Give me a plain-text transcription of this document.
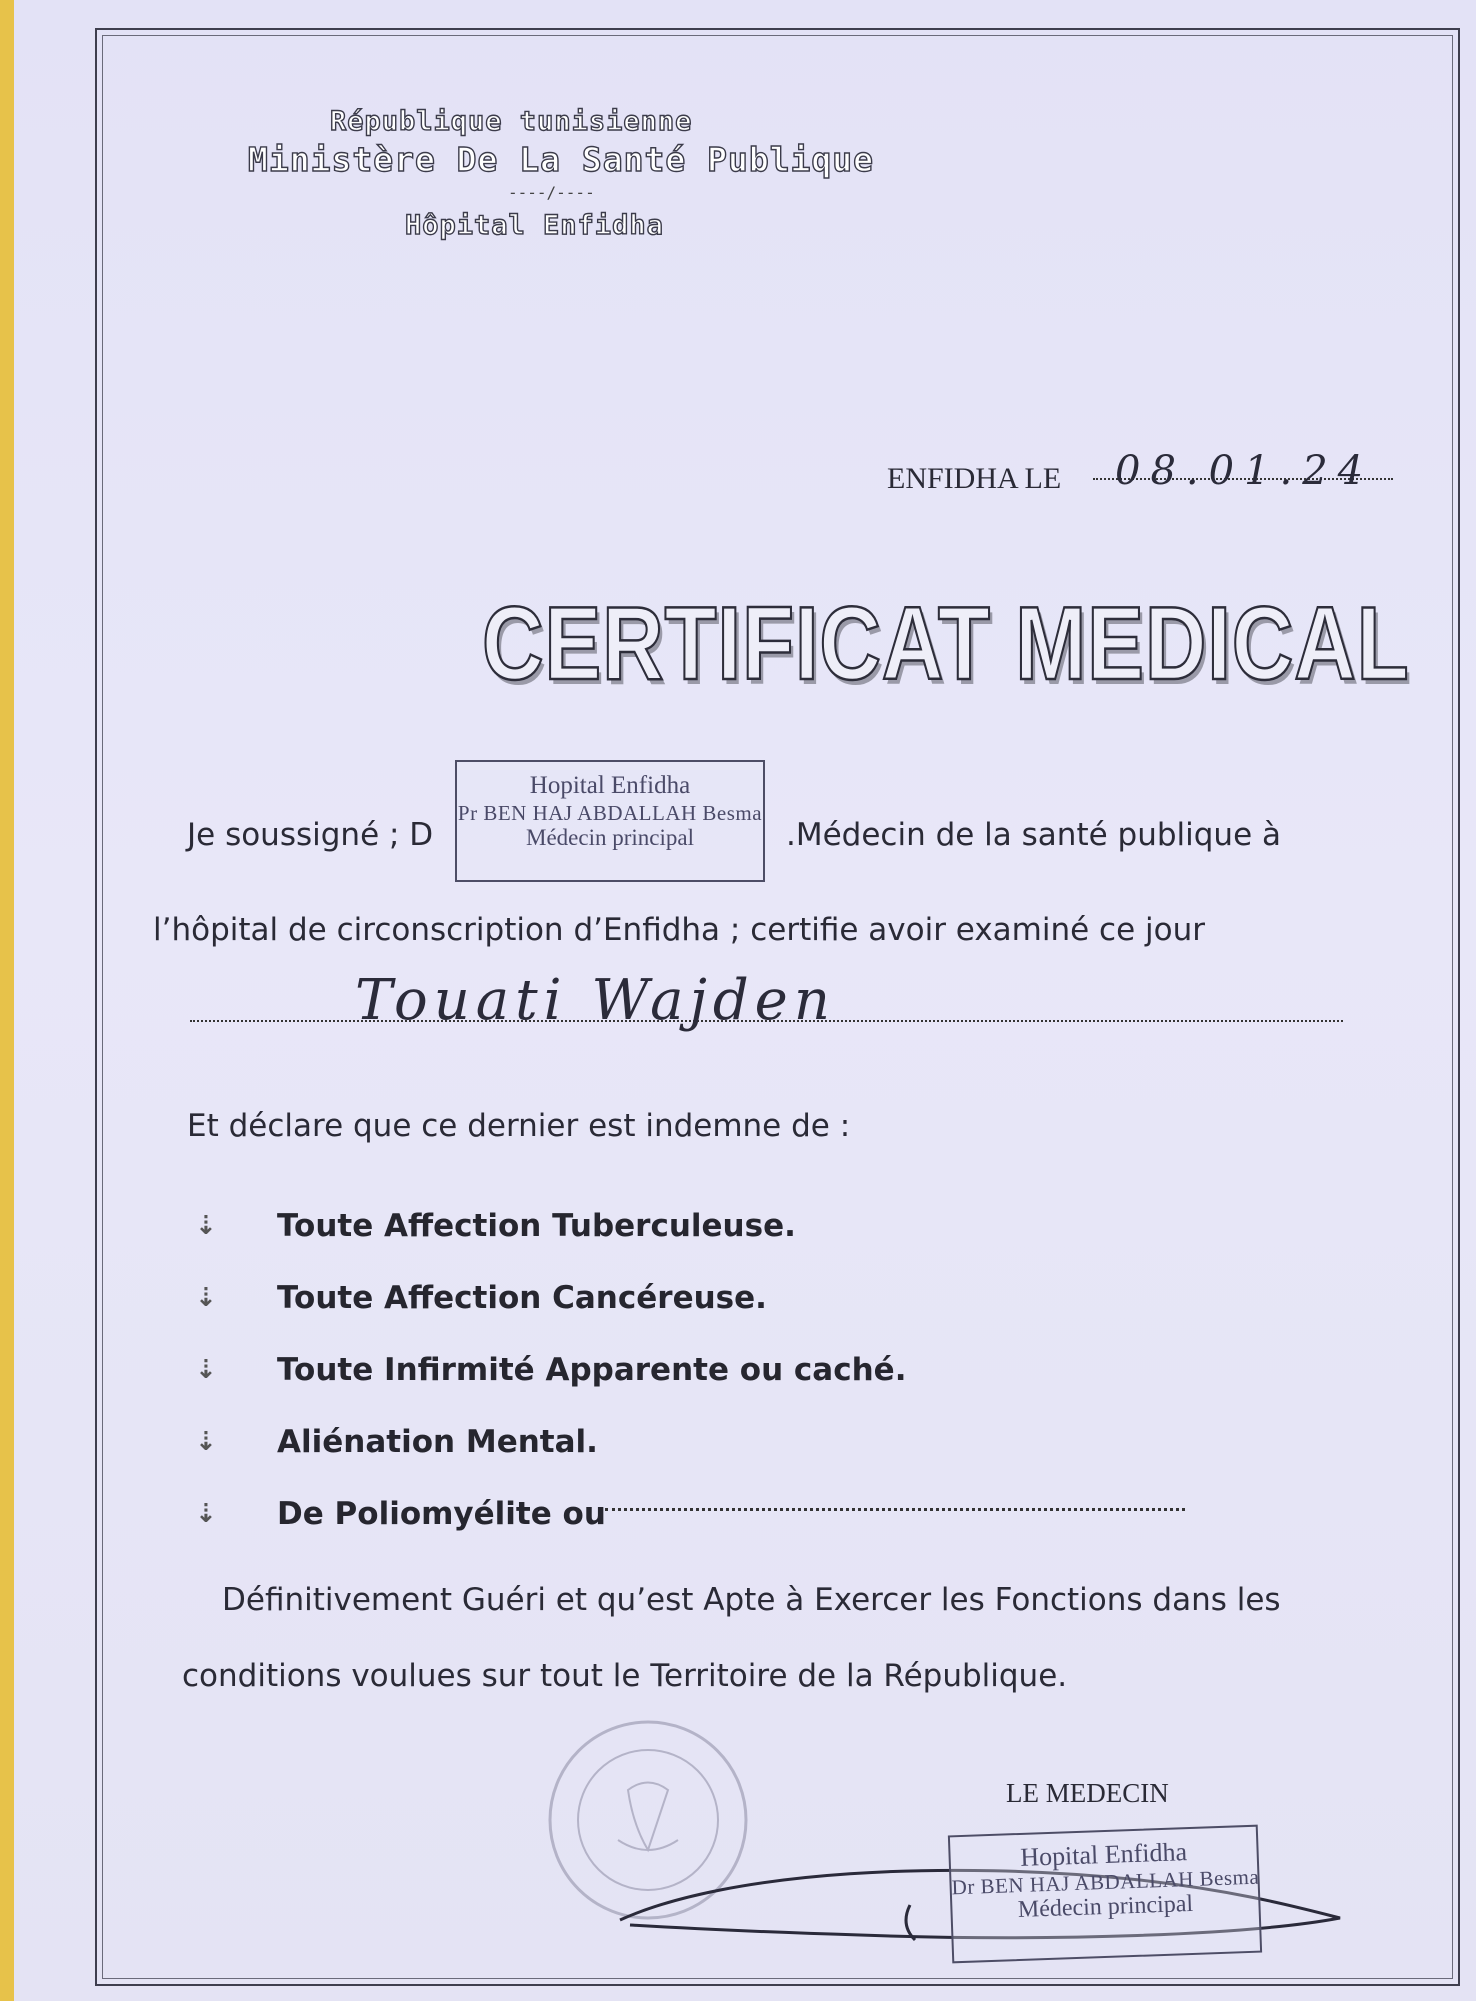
République tunisienne
Ministère De La Santé Publique
----/----
Hôpital Enfidha
ENFIDHA LE 08.01.24
CERTIFICAT MEDICAL
Je soussigné ; D	.Médecin de la santé publique à
Hopital Enfidha
Pr BEN HAJ ABDALLAH Besma
Médecin principal
l’hôpital de circonscription d’Enfidha ; certifie avoir examiné ce jour
Touati Wajden
Et déclare que ce dernier est indemne de :
⇣	Toute Affection Tuberculeuse.
⇣	Toute Affection Cancéreuse.
⇣	Toute Infirmité Apparente ou caché.
⇣	Aliénation Mental.
⇣	De Poliomyélite ou
Définitivement Guéri et qu’est Apte à Exercer les Fonctions dans les
conditions voulues sur tout le Territoire de la République.
LE MEDECIN
Hopital Enfidha
Dr BEN HAJ ABDALLAH Besma
Médecin principal
